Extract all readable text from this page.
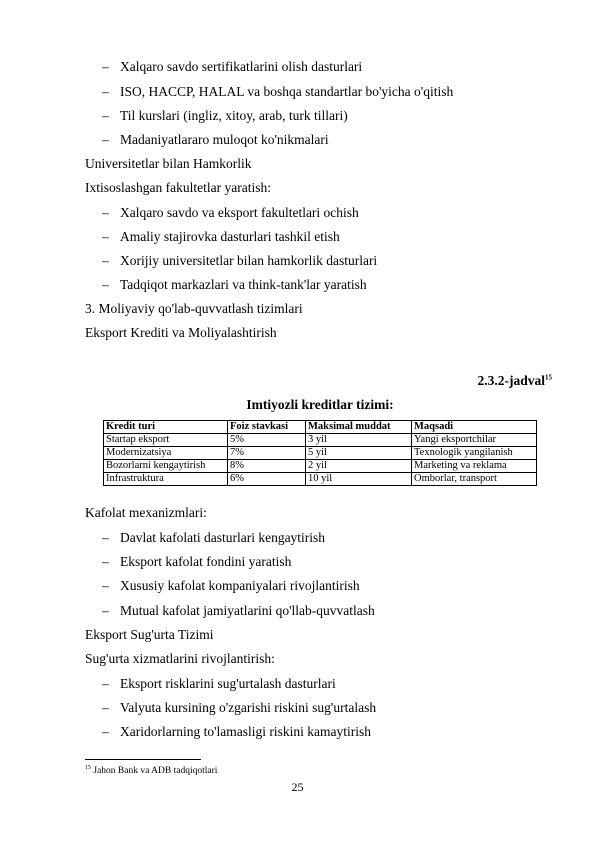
– Xalqaro savdo sertifikatlarini olish dasturlari
– ISO, HACCP, HALAL va boshqa standartlar bo'yicha o'qitish
– Til kurslari (ingliz, xitoy, arab, turk tillari)
– Madaniyatlararo muloqot ko'nikmalari
Universitetlar bilan Hamkorlik
Ixtisoslashgan fakultetlar yaratish:
– Xalqaro savdo va eksport fakultetlari ochish
– Amaliy stajirovka dasturlari tashkil etish
– Xorijiy universitetlar bilan hamkorlik dasturlari
– Tadqiqot markazlari va think-tank'lar yaratish
3. Moliyaviy qo'lab-quvvatlash tizimlari
Eksport Krediti va Moliyalashtirish
2.3.2-jadval$^{15}$
Imtiyozli kreditlar tizimi:
Kredit turi	Foiz stavkasi	Maksimal muddat	Maqsadi
Startap eksport	5%	3 yil	Yangi eksportchilar
Modernizatsiya	7%	5 yil	Texnologik yangilanish
Bozorlarni kengaytirish	8%	2 yil	Marketing va reklama
Infrastruktura	6%	10 yil	Omborlar, transport
Kafolat mexanizmlari:
– Davlat kafolati dasturlari kengaytirish
– Eksport kafolat fondini yaratish
– Xususiy kafolat kompaniyalari rivojlantirish
– Mutual kafolat jamiyatlarini qo'llab-quvvatlash
Eksport Sug'urta Tizimi
Sug'urta xizmatlarini rivojlantirish:
– Eksport risklarini sug'urtalash dasturlari
– Valyuta kursining o'zgarishi riskini sug'urtalash
– Xaridorlarning to'lamasligi riskini kamaytirish
$^{15}$ Jahon Bank va ADB tadqiqotlari
25
